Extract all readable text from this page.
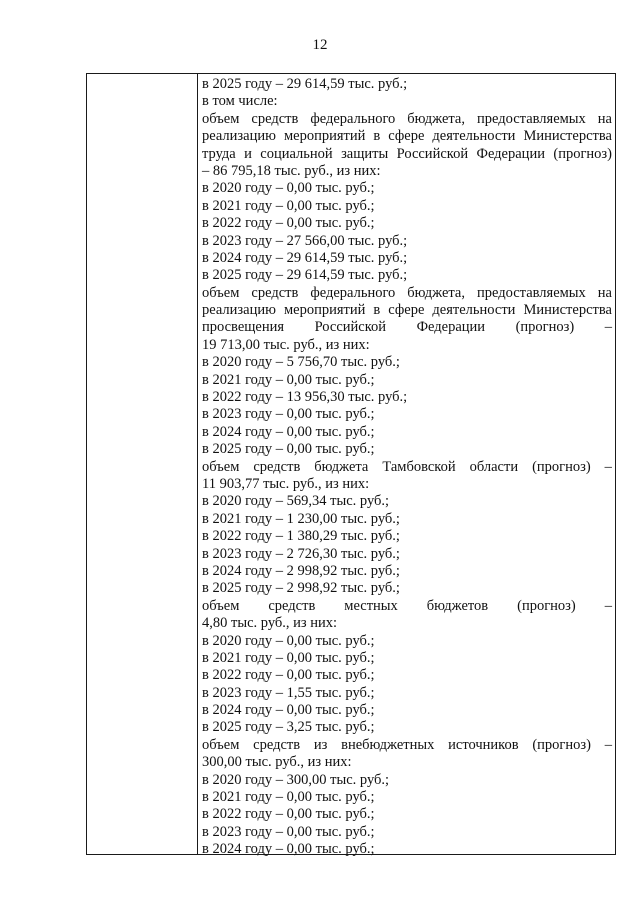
12
в 2025 году – 29 614,59 тыс. руб.;
в том числе:
объем средств федерального бюджета, предоставляемых на
реализацию мероприятий в сфере деятельности Министерства
труда и социальной защиты Российской Федерации (прогноз)
– 86 795,18 тыс. руб., из них:
в 2020 году – 0,00 тыс. руб.;
в 2021 году – 0,00 тыс. руб.;
в 2022 году – 0,00 тыс. руб.;
в 2023 году – 27 566,00 тыс. руб.;
в 2024 году – 29 614,59 тыс. руб.;
в 2025 году – 29 614,59 тыс. руб.;
объем средств федерального бюджета, предоставляемых на
реализацию мероприятий в сфере деятельности Министерства
просвещения Российской Федерации (прогноз) –
19 713,00 тыс. руб., из них:
в 2020 году – 5 756,70 тыс. руб.;
в 2021 году – 0,00 тыс. руб.;
в 2022 году – 13 956,30 тыс. руб.;
в 2023 году – 0,00 тыс. руб.;
в 2024 году – 0,00 тыс. руб.;
в 2025 году – 0,00 тыс. руб.;
объем средств бюджета Тамбовской области (прогноз) –
11 903,77 тыс. руб., из них:
в 2020 году – 569,34 тыс. руб.;
в 2021 году – 1 230,00 тыс. руб.;
в 2022 году – 1 380,29 тыс. руб.;
в 2023 году – 2 726,30 тыс. руб.;
в 2024 году – 2 998,92 тыс. руб.;
в 2025 году – 2 998,92 тыс. руб.;
объем средств местных бюджетов (прогноз) –
4,80 тыс. руб., из них:
в 2020 году – 0,00 тыс. руб.;
в 2021 году – 0,00 тыс. руб.;
в 2022 году – 0,00 тыс. руб.;
в 2023 году – 1,55 тыс. руб.;
в 2024 году – 0,00 тыс. руб.;
в 2025 году – 3,25 тыс. руб.;
объем средств из внебюджетных источников (прогноз) –
300,00 тыс. руб., из них:
в 2020 году – 300,00 тыс. руб.;
в 2021 году – 0,00 тыс. руб.;
в 2022 году – 0,00 тыс. руб.;
в 2023 году – 0,00 тыс. руб.;
в 2024 году – 0,00 тыс. руб.;
